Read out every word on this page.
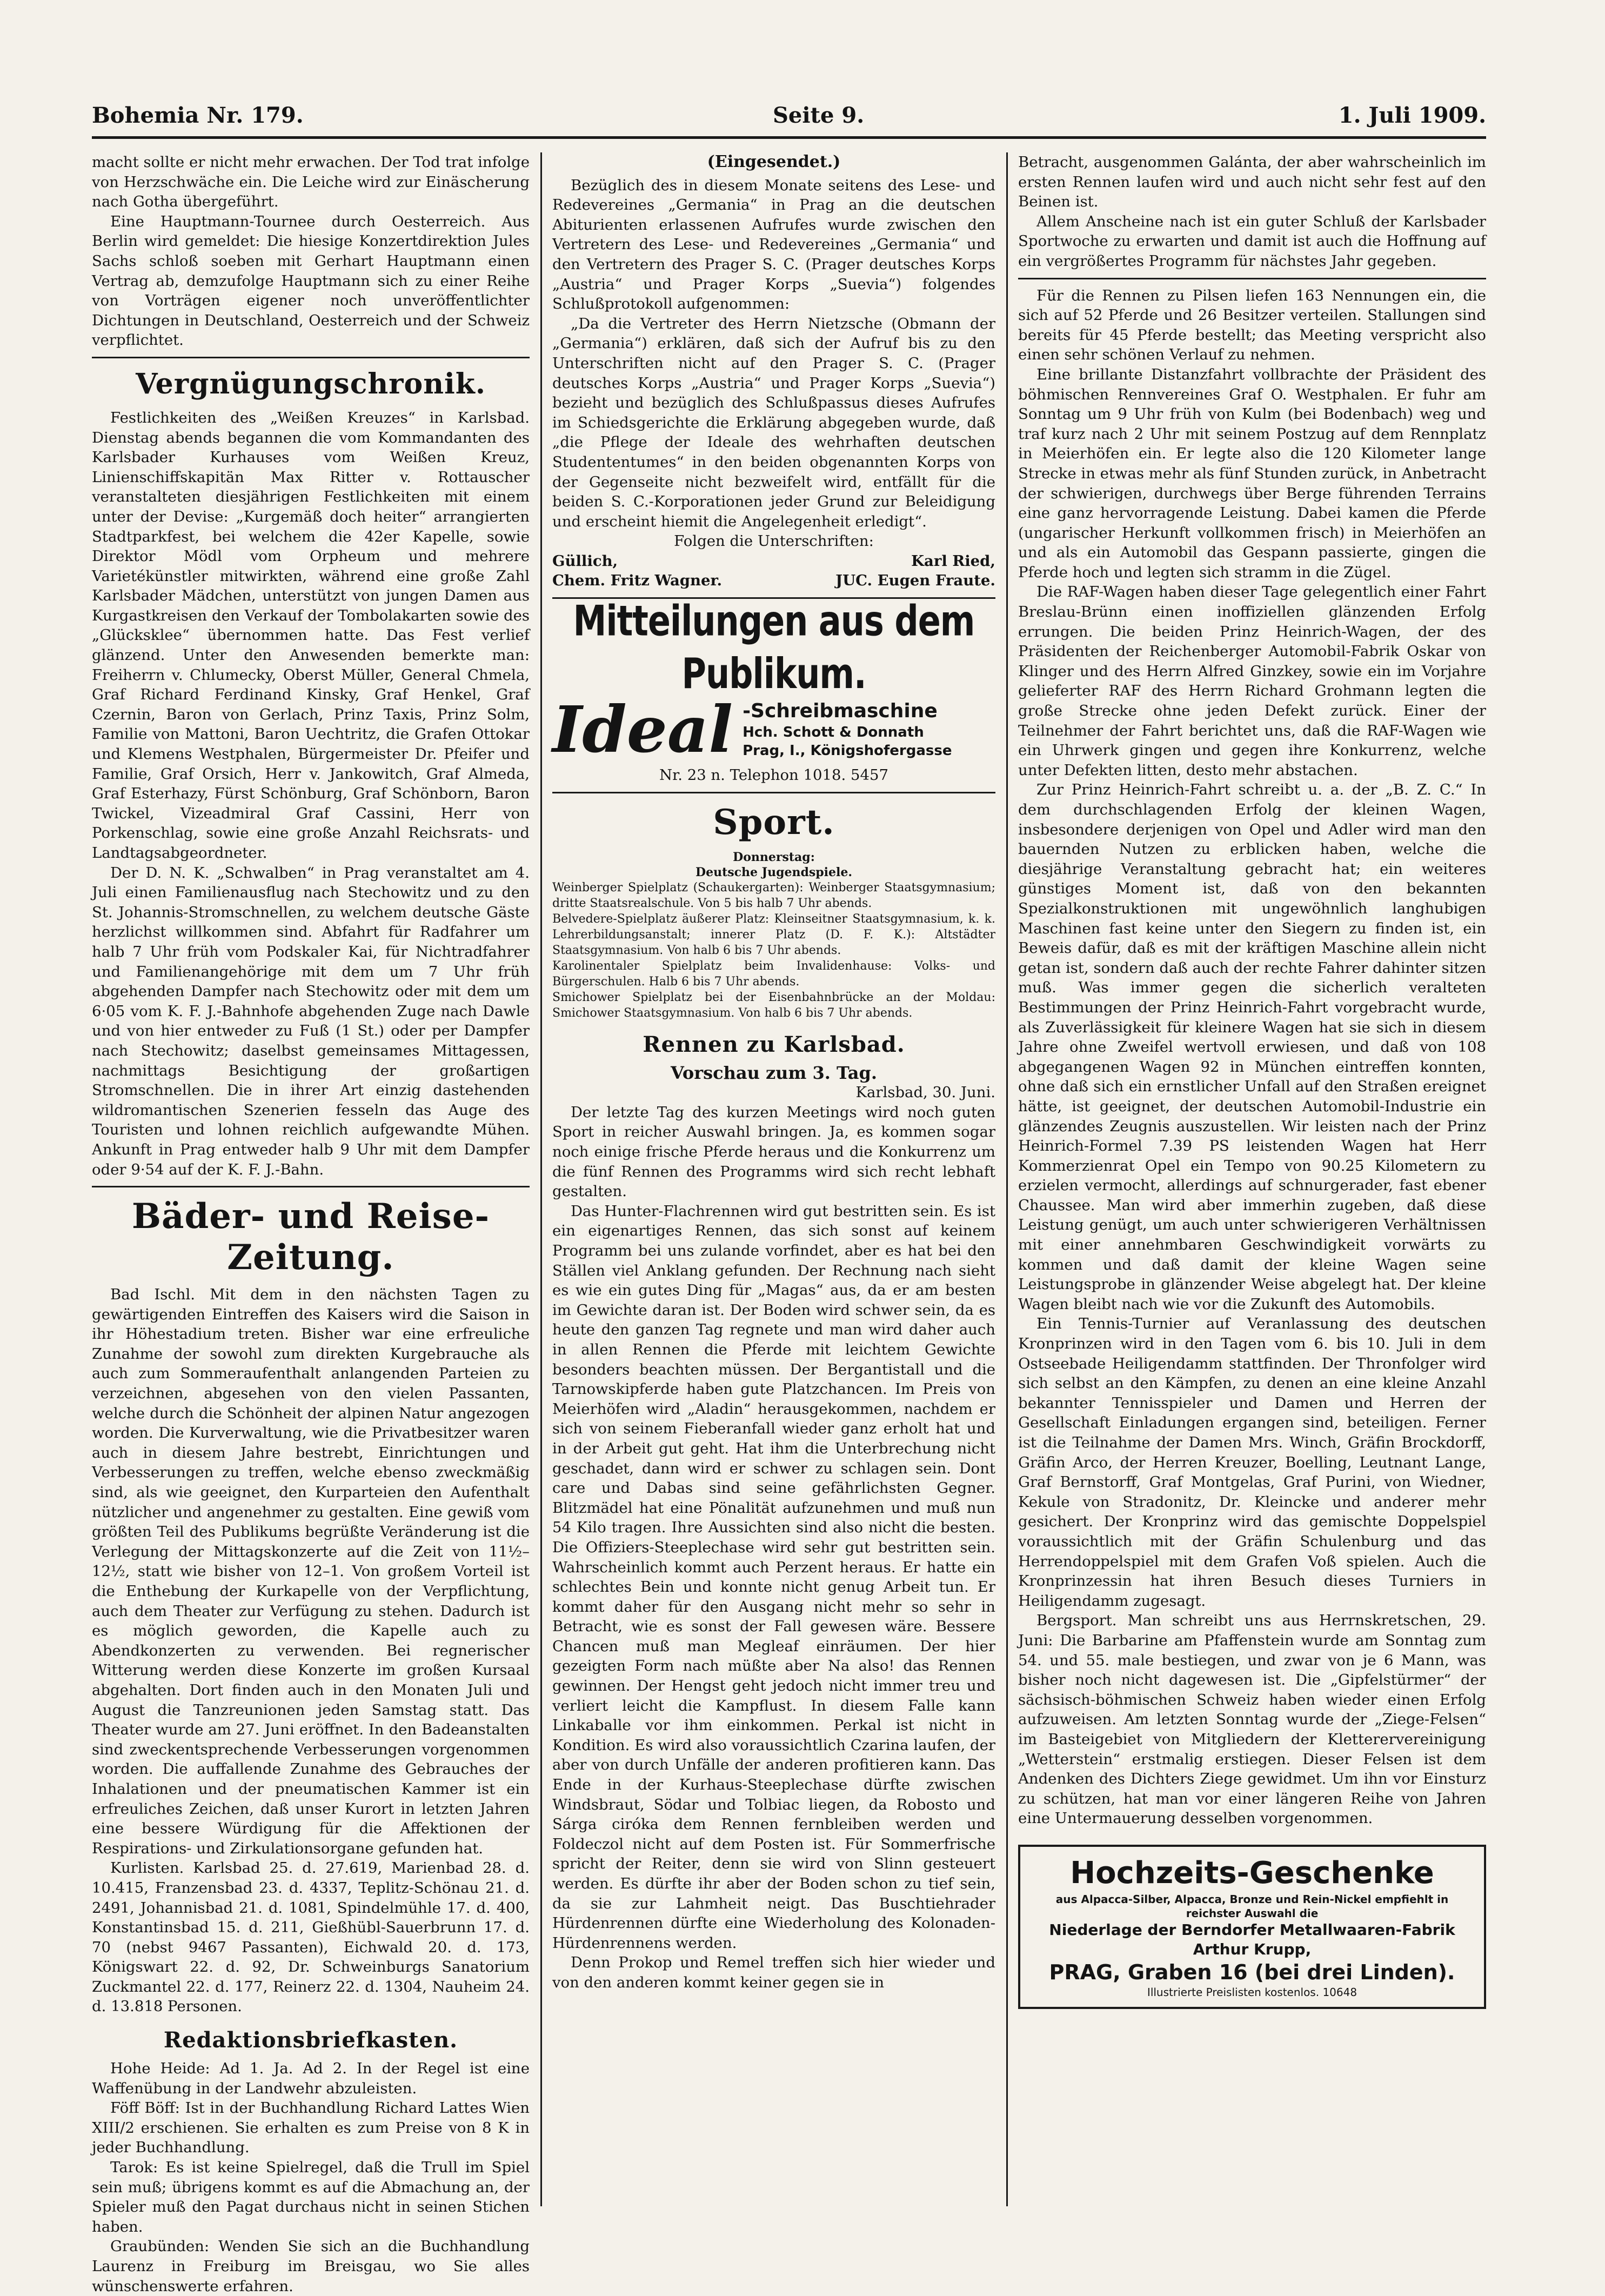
Bohemia Nr. 179.	Seite 9.	1. Juli 1909.

macht sollte er nicht mehr erwachen. Der Tod trat infolge von Herzschwäche ein. Die Leiche wird zur Einäscherung nach Gotha übergeführt.

Eine Hauptmann-Tournee durch Oesterreich. Aus Berlin wird gemeldet: Die hiesige Konzertdirektion Jules Sachs schloß soeben mit Gerhart Hauptmann einen Vertrag ab, demzufolge Hauptmann sich zu einer Reihe von Vorträgen eigener noch unveröffentlichter Dichtungen in Deutschland, Oesterreich und der Schweiz verpflichtet.

Vergnügungschronik.

Festlichkeiten des „Weißen Kreuzes“ in Karlsbad. Dienstag abends begannen die vom Kommandanten des Karlsbader Kurhauses vom Weißen Kreuz, Linienschiffskapitän Max Ritter v. Rottauscher veranstalteten diesjährigen Festlichkeiten mit einem unter der Devise: „Kurgemäß doch heiter“ arrangierten Stadtparkfest, bei welchem die 42er Kapelle, sowie Direktor Mödl vom Orpheum und mehrere Varietékünstler mitwirkten, während eine große Zahl Karlsbader Mädchen, unterstützt von jungen Damen aus Kurgastkreisen den Verkauf der Tombolakarten sowie des „Glücksklee“ übernommen hatte. Das Fest verlief glänzend. Unter den Anwesenden bemerkte man: Freiherrn v. Chlumecky, Oberst Müller, General Chmela, Graf Richard Ferdinand Kinsky, Graf Henkel, Graf Czernin, Baron von Gerlach, Prinz Taxis, Prinz Solm, Familie von Mattoni, Baron Uechtritz, die Grafen Ottokar und Klemens Westphalen, Bürgermeister Dr. Pfeifer und Familie, Graf Orsich, Herr v. Jankowitch, Graf Almeda, Graf Esterhazy, Fürst Schönburg, Graf Schönborn, Baron Twickel, Vizeadmiral Graf Cassini, Herr von Porkenschlag, sowie eine große Anzahl Reichsrats- und Landtagsabgeordneter.

Der D. N. K. „Schwalben“ in Prag veranstaltet am 4. Juli einen Familienausflug nach Stechowitz und zu den St. Johannis-Stromschnellen, zu welchem deutsche Gäste herzlichst willkommen sind. Abfahrt für Radfahrer um halb 7 Uhr früh vom Podskaler Kai, für Nichtradfahrer und Familienangehörige mit dem um 7 Uhr früh abgehenden Dampfer nach Stechowitz oder mit dem um 6·05 vom K. F. J.-Bahnhofe abgehenden Zuge nach Dawle und von hier entweder zu Fuß (1 St.) oder per Dampfer nach Stechowitz; daselbst gemeinsames Mittagessen, nachmittags Besichtigung der großartigen Stromschnellen. Die in ihrer Art einzig dastehenden wildromantischen Szenerien fesseln das Auge des Touristen und lohnen reichlich aufgewandte Mühen. Ankunft in Prag entweder halb 9 Uhr mit dem Dampfer oder 9·54 auf der K. F. J.-Bahn.

Bäder- und Reise-Zeitung.

Bad Ischl. Mit dem in den nächsten Tagen zu gewärtigenden Eintreffen des Kaisers wird die Saison in ihr Höhestadium treten. Bisher war eine erfreuliche Zunahme der sowohl zum direkten Kurgebrauche als auch zum Sommeraufenthalt anlangenden Parteien zu verzeichnen, abgesehen von den vielen Passanten, welche durch die Schönheit der alpinen Natur angezogen worden. Die Kurverwaltung, wie die Privatbesitzer waren auch in diesem Jahre bestrebt, Einrichtungen und Verbesserungen zu treffen, welche ebenso zweckmäßig sind, als wie geeignet, den Kurparteien den Aufenthalt nützlicher und angenehmer zu gestalten. Eine gewiß vom größten Teil des Publikums begrüßte Veränderung ist die Verlegung der Mittagskonzerte auf die Zeit von 11½–12½, statt wie bisher von 12–1. Von großem Vorteil ist die Enthebung der Kurkapelle von der Verpflichtung, auch dem Theater zur Verfügung zu stehen. Dadurch ist es möglich geworden, die Kapelle auch zu Abendkonzerten zu verwenden. Bei regnerischer Witterung werden diese Konzerte im großen Kursaal abgehalten. Dort finden auch in den Monaten Juli und August die Tanzreunionen jeden Samstag statt. Das Theater wurde am 27. Juni eröffnet. In den Badeanstalten sind zweckentsprechende Verbesserungen vorgenommen worden. Die auffallende Zunahme des Gebrauches der Inhalationen und der pneumatischen Kammer ist ein erfreuliches Zeichen, daß unser Kurort in letzten Jahren eine bessere Würdigung für die Affektionen der Respirations- und Zirkulationsorgane gefunden hat.

Kurlisten. Karlsbad 25. d. 27.619, Marienbad 28. d. 10.415, Franzensbad 23. d. 4337, Teplitz-Schönau 21. d. 2491, Johannisbad 21. d. 1081, Spindelmühle 17. d. 400, Konstantinsbad 15. d. 211, Gießhübl-Sauerbrunn 17. d. 70 (nebst 9467 Passanten), Eichwald 20. d. 173, Königswart 22. d. 92, Dr. Schweinburgs Sanatorium Zuckmantel 22. d. 177, Reinerz 22. d. 1304, Nauheim 24. d. 13.818 Personen.

Redaktionsbriefkasten.

Hohe Heide: Ad 1. Ja. Ad 2. In der Regel ist eine Waffenübung in der Landwehr abzuleisten.

Föff Böff: Ist in der Buchhandlung Richard Lattes Wien XIII/2 erschienen. Sie erhalten es zum Preise von 8 K in jeder Buchhandlung.

Tarok: Es ist keine Spielregel, daß die Trull im Spiel sein muß; übrigens kommt es auf die Abmachung an, der Spieler muß den Pagat durchaus nicht in seinen Stichen haben.

Graubünden: Wenden Sie sich an die Buchhandlung Laurenz in Freiburg im Breisgau, wo Sie alles wünschenswerte erfahren.

(Eingesendet.)

Bezüglich des in diesem Monate seitens des Lese- und Redevereines „Germania“ in Prag an die deutschen Abiturienten erlassenen Aufrufes wurde zwischen den Vertretern des Lese- und Redevereines „Germania“ und den Vertretern des Prager S. C. (Prager deutsches Korps „Austria“ und Prager Korps „Suevia“) folgendes Schlußprotokoll aufgenommen:

„Da die Vertreter des Herrn Nietzsche (Obmann der „Germania“) erklären, daß sich der Aufruf bis zu den Unterschriften nicht auf den Prager S. C. (Prager deutsches Korps „Austria“ und Prager Korps „Suevia“) bezieht und bezüglich des Schlußpassus dieses Aufrufes im Schiedsgerichte die Erklärung abgegeben wurde, daß „die Pflege der Ideale des wehrhaften deutschen Studententumes“ in den beiden obgenannten Korps von der Gegenseite nicht bezweifelt wird, entfällt für die beiden S. C.-Korporationen jeder Grund zur Beleidigung und erscheint hiemit die Angelegenheit erledigt“.

Folgen die Unterschriften:

Güllich,	Karl Ried,
Chem. Fritz Wagner.	JUC. Eugen Fraute.
Mitteilungen aus dem Publikum.
Ideal -Schreibmaschine
Hch. Schott & Donnath
Prag, I., Königshofergasse

Nr. 23 n. Telephon 1018. 5457

Sport.

Donnerstag:

Deutsche Jugendspiele.

Weinberger Spielplatz (Schaukergarten): Weinberger Staatsgymnasium; dritte Staatsrealschule. Von 5 bis halb 7 Uhr abends.

Belvedere-Spielplatz äußerer Platz: Kleinseitner Staatsgymnasium, k. k. Lehrerbildungsanstalt; innerer Platz (D. F. K.): Altstädter Staatsgymnasium. Von halb 6 bis 7 Uhr abends.

Karolinentaler Spielplatz beim Invalidenhause: Volks- und Bürgerschulen. Halb 6 bis 7 Uhr abends.

Smichower Spielplatz bei der Eisenbahnbrücke an der Moldau: Smichower Staatsgymnasium. Von halb 6 bis 7 Uhr abends.

Rennen zu Karlsbad.

Vorschau zum 3. Tag.

Karlsbad, 30. Juni.

Der letzte Tag des kurzen Meetings wird noch guten Sport in reicher Auswahl bringen. Ja, es kommen sogar noch einige frische Pferde heraus und die Konkurrenz um die fünf Rennen des Programms wird sich recht lebhaft gestalten.

Das Hunter-Flachrennen wird gut bestritten sein. Es ist ein eigenartiges Rennen, das sich sonst auf keinem Programm bei uns zulande vorfindet, aber es hat bei den Ställen viel Anklang gefunden. Der Rechnung nach sieht es wie ein gutes Ding für „Magas“ aus, da er am besten im Gewichte daran ist. Der Boden wird schwer sein, da es heute den ganzen Tag regnete und man wird daher auch in allen Rennen die Pferde mit leichtem Gewichte besonders beachten müssen. Der Bergantistall und die Tarnowskipferde haben gute Platzchancen. Im Preis von Meierhöfen wird „Aladin“ herausgekommen, nachdem er sich von seinem Fieberanfall wieder ganz erholt hat und in der Arbeit gut geht. Hat ihm die Unterbrechung nicht geschadet, dann wird er schwer zu schlagen sein. Dont care und Dabas sind seine gefährlichsten Gegner. Blitzmädel hat eine Pönalität aufzunehmen und muß nun 54 Kilo tragen. Ihre Aussichten sind also nicht die besten. Die Offiziers-Steeplechase wird sehr gut bestritten sein. Wahrscheinlich kommt auch Perzent heraus. Er hatte ein schlechtes Bein und konnte nicht genug Arbeit tun. Er kommt daher für den Ausgang nicht mehr so sehr in Betracht, wie es sonst der Fall gewesen wäre. Bessere Chancen muß man Megleaf einräumen. Der hier gezeigten Form nach müßte aber Na also! das Rennen gewinnen. Der Hengst geht jedoch nicht immer treu und verliert leicht die Kampflust. In diesem Falle kann Linkaballe vor ihm einkommen. Perkal ist nicht in Kondition. Es wird also voraussichtlich Czarina laufen, der aber von durch Unfälle der anderen profitieren kann. Das Ende in der Kurhaus-Steeplechase dürfte zwischen Windsbraut, Södar und Tolbiac liegen, da Robosto und Sárga ciróka dem Rennen fernbleiben werden und Foldeczol nicht auf dem Posten ist. Für Sommerfrische spricht der Reiter, denn sie wird von Slinn gesteuert werden. Es dürfte ihr aber der Boden schon zu tief sein, da sie zur Lahmheit neigt. Das Buschtiehrader Hürdenrennen dürfte eine Wiederholung des Kolonaden-Hürdenrennens werden.

Denn Prokop und Remel treffen sich hier wieder und von den anderen kommt keiner gegen sie in

Betracht, ausgenommen Galánta, der aber wahrscheinlich im ersten Rennen laufen wird und auch nicht sehr fest auf den Beinen ist.

Allem Anscheine nach ist ein guter Schluß der Karlsbader Sportwoche zu erwarten und damit ist auch die Hoffnung auf ein vergrößertes Programm für nächstes Jahr gegeben.

Für die Rennen zu Pilsen liefen 163 Nennungen ein, die sich auf 52 Pferde und 26 Besitzer verteilen. Stallungen sind bereits für 45 Pferde bestellt; das Meeting verspricht also einen sehr schönen Verlauf zu nehmen.

Eine brillante Distanzfahrt vollbrachte der Präsident des böhmischen Rennvereines Graf O. Westphalen. Er fuhr am Sonntag um 9 Uhr früh von Kulm (bei Bodenbach) weg und traf kurz nach 2 Uhr mit seinem Postzug auf dem Rennplatz in Meierhöfen ein. Er legte also die 120 Kilometer lange Strecke in etwas mehr als fünf Stunden zurück, in Anbetracht der schwierigen, durchwegs über Berge führenden Terrains eine ganz hervorragende Leistung. Dabei kamen die Pferde (ungarischer Herkunft vollkommen frisch) in Meierhöfen an und als ein Automobil das Gespann passierte, gingen die Pferde hoch und legten sich stramm in die Zügel.

Die RAF-Wagen haben dieser Tage gelegentlich einer Fahrt Breslau-Brünn einen inoffiziellen glänzenden Erfolg errungen. Die beiden Prinz Heinrich-Wagen, der des Präsidenten der Reichenberger Automobil-Fabrik Oskar von Klinger und des Herrn Alfred Ginzkey, sowie ein im Vorjahre gelieferter RAF des Herrn Richard Grohmann legten die große Strecke ohne jeden Defekt zurück. Einer der Teilnehmer der Fahrt berichtet uns, daß die RAF-Wagen wie ein Uhrwerk gingen und gegen ihre Konkurrenz, welche unter Defekten litten, desto mehr abstachen.

Zur Prinz Heinrich-Fahrt schreibt u. a. der „B. Z. C.“ In dem durchschlagenden Erfolg der kleinen Wagen, insbesondere derjenigen von Opel und Adler wird man den bauernden Nutzen zu erblicken haben, welche die diesjährige Veranstaltung gebracht hat; ein weiteres günstiges Moment ist, daß von den bekannten Spezialkonstruktionen mit ungewöhnlich langhubigen Maschinen fast keine unter den Siegern zu finden ist, ein Beweis dafür, daß es mit der kräftigen Maschine allein nicht getan ist, sondern daß auch der rechte Fahrer dahinter sitzen muß. Was immer gegen die sicherlich veralteten Bestimmungen der Prinz Heinrich-Fahrt vorgebracht wurde, als Zuverlässigkeit für kleinere Wagen hat sie sich in diesem Jahre ohne Zweifel wertvoll erwiesen, und daß von 108 abgegangenen Wagen 92 in München eintreffen konnten, ohne daß sich ein ernstlicher Unfall auf den Straßen ereignet hätte, ist geeignet, der deutschen Automobil-Industrie ein glänzendes Zeugnis auszustellen. Wir leisten nach der Prinz Heinrich-Formel 7.39 PS leistenden Wagen hat Herr Kommerzienrat Opel ein Tempo von 90.25 Kilometern zu erzielen vermocht, allerdings auf schnurgerader, fast ebener Chaussee. Man wird aber immerhin zugeben, daß diese Leistung genügt, um auch unter schwierigeren Verhältnissen mit einer annehmbaren Geschwindigkeit vorwärts zu kommen und daß damit der kleine Wagen seine Leistungsprobe in glänzender Weise abgelegt hat. Der kleine Wagen bleibt nach wie vor die Zukunft des Automobils.

Ein Tennis-Turnier auf Veranlassung des deutschen Kronprinzen wird in den Tagen vom 6. bis 10. Juli in dem Ostseebade Heiligendamm stattfinden. Der Thronfolger wird sich selbst an den Kämpfen, zu denen an eine kleine Anzahl bekannter Tennisspieler und Damen und Herren der Gesellschaft Einladungen ergangen sind, beteiligen. Ferner ist die Teilnahme der Damen Mrs. Winch, Gräfin Brockdorff, Gräfin Arco, der Herren Kreuzer, Boelling, Leutnant Lange, Graf Bernstorff, Graf Montgelas, Graf Purini, von Wiedner, Kekule von Stradonitz, Dr. Kleincke und anderer mehr gesichert. Der Kronprinz wird das gemischte Doppelspiel voraussichtlich mit der Gräfin Schulenburg und das Herrendoppelspiel mit dem Grafen Voß spielen. Auch die Kronprinzessin hat ihren Besuch dieses Turniers in Heiligendamm zugesagt.

Bergsport. Man schreibt uns aus Herrnskretschen, 29. Juni: Die Barbarine am Pfaffenstein wurde am Sonntag zum 54. und 55. male bestiegen, und zwar von je 6 Mann, was bisher noch nicht dagewesen ist. Die „Gipfelstürmer“ der sächsisch-böhmischen Schweiz haben wieder einen Erfolg aufzuweisen. Am letzten Sonntag wurde der „Ziege-Felsen“ im Basteigebiet von Mitgliedern der Kletterervereinigung „Wetterstein“ erstmalig erstiegen. Dieser Felsen ist dem Andenken des Dichters Ziege gewidmet. Um ihn vor Einsturz zu schützen, hat man vor einer längeren Reihe von Jahren eine Untermauerung desselben vorgenommen.

Hochzeits-Geschenke
aus Alpacca-Silber, Alpacca, Bronze und Rein-Nickel empfiehlt in reichster Auswahl die
Niederlage der Berndorfer Metallwaaren-Fabrik Arthur Krupp,
PRAG, Graben 16 (bei drei Linden).
Illustrierte Preislisten kostenlos. 10648
